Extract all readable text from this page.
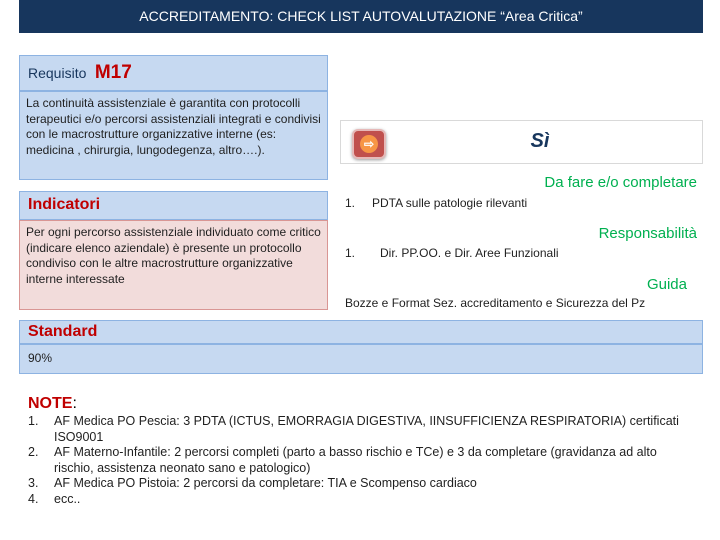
ACCREDITAMENTO: CHECK LIST AUTOVALUTAZIONE “Area Critica”
Requisito M17
La continuità assistenziale è garantita con protocolli terapeutici e/o percorsi assistenziali integrati e condivisi con le macrostrutture organizzative interne (es: medicina , chirurgia, lungodegenza, altro….).
Indicatori
Per ogni percorso assistenziale individuato come critico (indicare elenco aziendale) è presente un protocollo condiviso con le altre macrostrutture organizzative interne interessate
⇨	Sì
Da fare e/o completare
1. PDTA sulle patologie rilevanti
Responsabilità
1. Dir. PP.OO. e Dir. Aree Funzionali
Guida
Bozze e Format Sez. accreditamento e Sicurezza del Pz
Standard
90%
NOTE:
1.	AF Medica PO Pescia: 3 PDTA (ICTUS, EMORRAGIA DIGESTIVA, IINSUFFICIENZA RESPIRATORIA) certificati ISO9001
2.	AF Materno-Infantile: 2 percorsi completi (parto a basso rischio e TCe) e 3 da completare (gravidanza ad alto rischio, assistenza neonato sano e patologico)
3.	AF Medica PO Pistoia: 2 percorsi da completare: TIA e Scompenso cardiaco
4.	ecc..
